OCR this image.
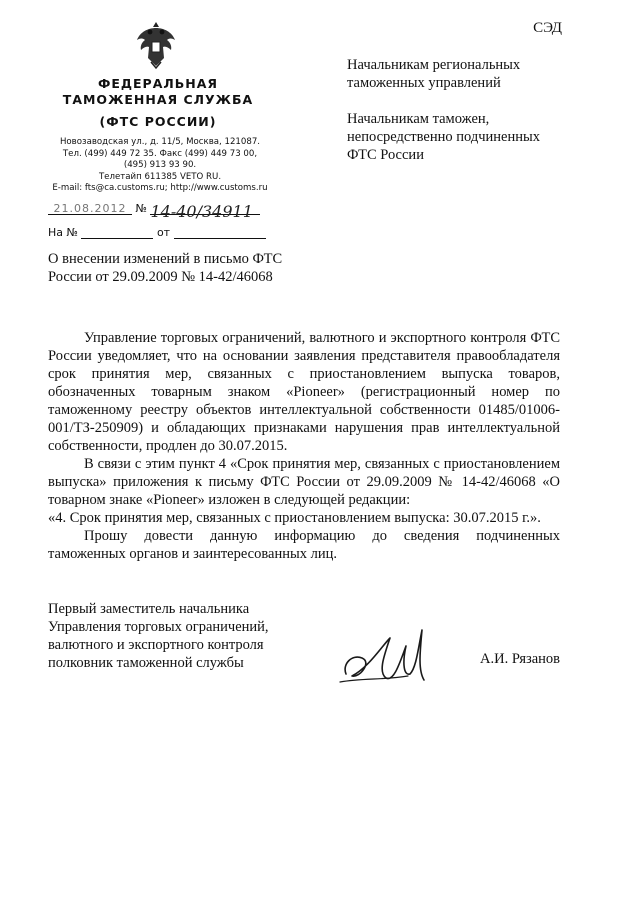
СЭД
ФЕДЕРАЛЬНАЯ
ТАМОЖЕННАЯ СЛУЖБА
(ФТС РОССИИ)
Новозаводская ул., д. 11/5, Москва, 121087.
Тел. (499) 449 72 35. Факс (499) 449 73 00,
(495) 913 93 90.
Телетайп 611385 VETO RU.
E-mail: fts@ca.customs.ru; http://www.customs.ru
21.08.2012 № 14-40/34911
На №	от
Начальникам региональных
таможенных управлений
Начальникам таможен,
непосредственно подчиненных
ФТС России
О внесении изменений в письмо ФТС
России от 29.09.2009 № 14-42/46068

Управление торговых ограничений, валютного и экспортного контроля ФТС России уведомляет, что на основании заявления представителя правообладателя срок принятия мер, связанных с приостановлением выпуска товаров, обозначенных товарным знаком «Pioneer» (регистрационный номер по таможенному реестру объектов интеллектуальной собственности 01485/01006-001/ТЗ-250909) и обладающих признаками нарушения прав интеллектуальной собственности, продлен до 30.07.2015.

В связи с этим пункт 4 «Срок принятия мер, связанных с приостановлением выпуска» приложения к письму ФТС России от 29.09.2009 № 14-42/46068 «О товарном знаке «Pioneer» изложен в следующей редакции:

«4. Срок принятия мер, связанных с приостановлением выпуска: 30.07.2015 г.».

Прошу довести данную информацию до сведения подчиненных таможенных органов и заинтересованных лиц.

Первый заместитель начальника
Управления торговых ограничений,
валютного и экспортного контроля
полковник таможенной службы	А.И. Рязанов
